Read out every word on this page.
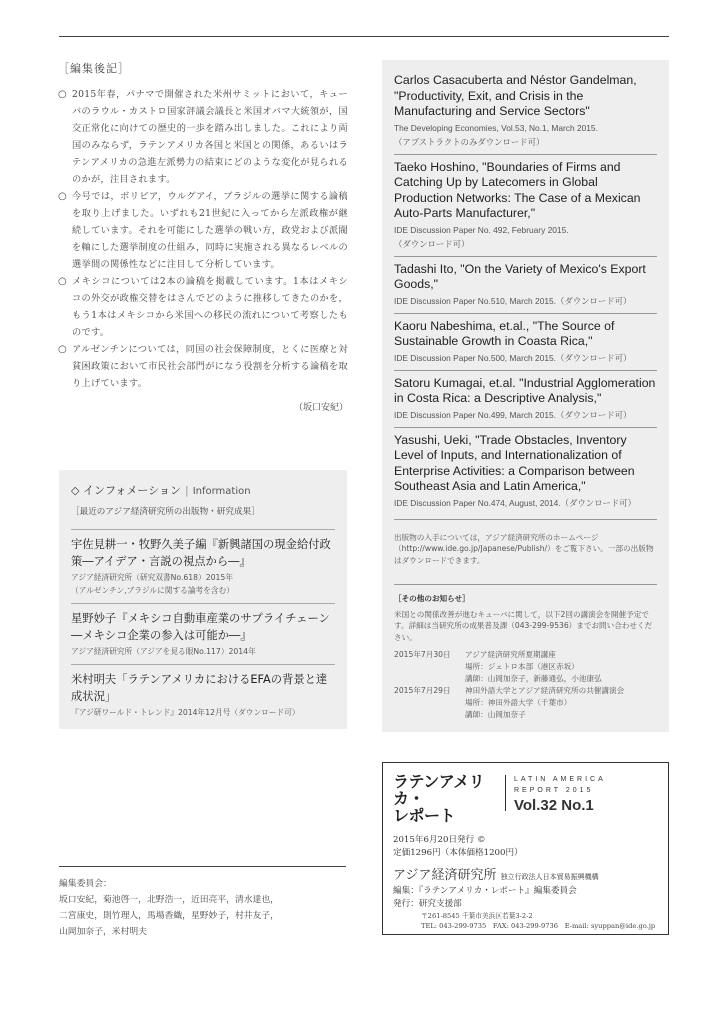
［編集後記］
○ 2015年春，パナマで開催された米州サミットにおいて，キューバのラウル・カストロ国家評議会議長と米国オバマ大統領が，国交正常化に向けての歴史的一歩を踏み出しました。これにより両国のみならず，ラテンアメリカ各国と米国との関係，あるいはラテンアメリカの急進左派勢力の結束にどのような変化が見られるのかが，注目されます。
○ 今号では，ボリビア，ウルグアイ，ブラジルの選挙に関する論稿を取り上げました。いずれも21世紀に入ってから左派政権が継続しています。それを可能にした選挙の戦い方，政党および派閥を軸にした選挙制度の仕組み，同時に実施される異なるレベルの選挙間の関係性などに注目して分析しています。
○ メキシコについては2本の論稿を掲載しています。1本はメキシコの外交が政権交替をはさんでどのように推移してきたのかを，もう1本はメキシコから米国への移民の流れについて考察したものです。
○ アルゼンチンについては，同国の社会保障制度，とくに医療と対貧困政策において市民社会部門がになう役割を分析する論稿を取り上げています。
（坂口安紀）
◇ インフォメーション | Information
［最近のアジア経済研究所の出版物・研究成果］
宇佐見耕一・牧野久美子編『新興諸国の現金給付政策―アイデア・言説の視点から―』
アジア経済研究所（研究双書No.618）2015年
（アルゼンチン,ブラジルに関する論考を含む）
星野妙子『メキシコ自動車産業のサプライチェーン―メキシコ企業の参入は可能か―』
アジア経済研究所（アジアを見る眼No.117）2014年
米村明夫「ラテンアメリカにおけるEFAの背景と達成状況」
『アジ研ワールド・トレンド』2014年12月号（ダウンロード可）
Carlos Casacuberta and Néstor Gandelman, "Productivity, Exit, and Crisis in the Manufacturing and Service Sectors"
The Developing Economies, Vol.53, No.1, March 2015.
（アブストラクトのみダウンロード可）
Taeko Hoshino, "Boundaries of Firms and Catching Up by Latecomers in Global Production Networks: The Case of a Mexican Auto-Parts Manufacturer,"
IDE Discussion Paper No. 492, February 2015.
（ダウンロード可）
Tadashi Ito, "On the Variety of Mexico's Export Goods,"
IDE Discussion Paper No.510, March 2015.（ダウンロード可）
Kaoru Nabeshima, et.al., "The Source of Sustainable Growth in Coasta Rica,"
IDE Discussion Paper No.500, March 2015.（ダウンロード可）
Satoru Kumagai, et.al. "Industrial Agglomeration in Costa Rica: a Descriptive Analysis,"
IDE Discussion Paper No.499, March 2015.（ダウンロード可）
Yasushi, Ueki, "Trade Obstacles, Inventory Level of Inputs, and Internationalization of Enterprise Activities: a Comparison between Southeast Asia and Latin America,"
IDE Discussion Paper No.474, August, 2014.（ダウンロード可）
出版物の入手については，アジア経済研究所のホームページ（http://www.ide.go.jp/Japanese/Publish/）をご覧下さい。一部の出版物はダウンロードできます。
［その他のお知らせ］
米国との関係改善が進むキューバに関して，以下2回の講演会を開催予定です。詳細は当研究所の成果普及課（043-299-9536）までお問い合わせください。
2015年7月30日	アジア経済研究所夏期講座
場所：ジェトロ本部（港区赤坂）
講師：山岡加奈子，新藤通弘，小池康弘
2015年7月29日	神田外語大学とアジア経済研究所の共催講演会
場所：神田外語大学（千葉市）
講師：山岡加奈子
ラテンアメリカ・
レポート
LATIN AMERICA
REPORT 2015
Vol.32 No.1
2015年6月20日発行 ©
定価1296円（本体価格1200円）
アジア経済研究所 独立行政法人日本貿易振興機構
編集：『ラテンアメリカ・レポート』編集委員会
発行：研究支援部
〒261-8545 千葉市美浜区若葉3-2-2
TEL: 043-299-9735　FAX: 043-299-9736　E-mail: syuppan@ide.go.jp
編集委員会：
坂口安紀，菊池啓一，北野浩一，近田亮平，清水達也，
二宮康史，則竹理人，馬場香織，星野妙子，村井友子，
山岡加奈子，米村明夫
